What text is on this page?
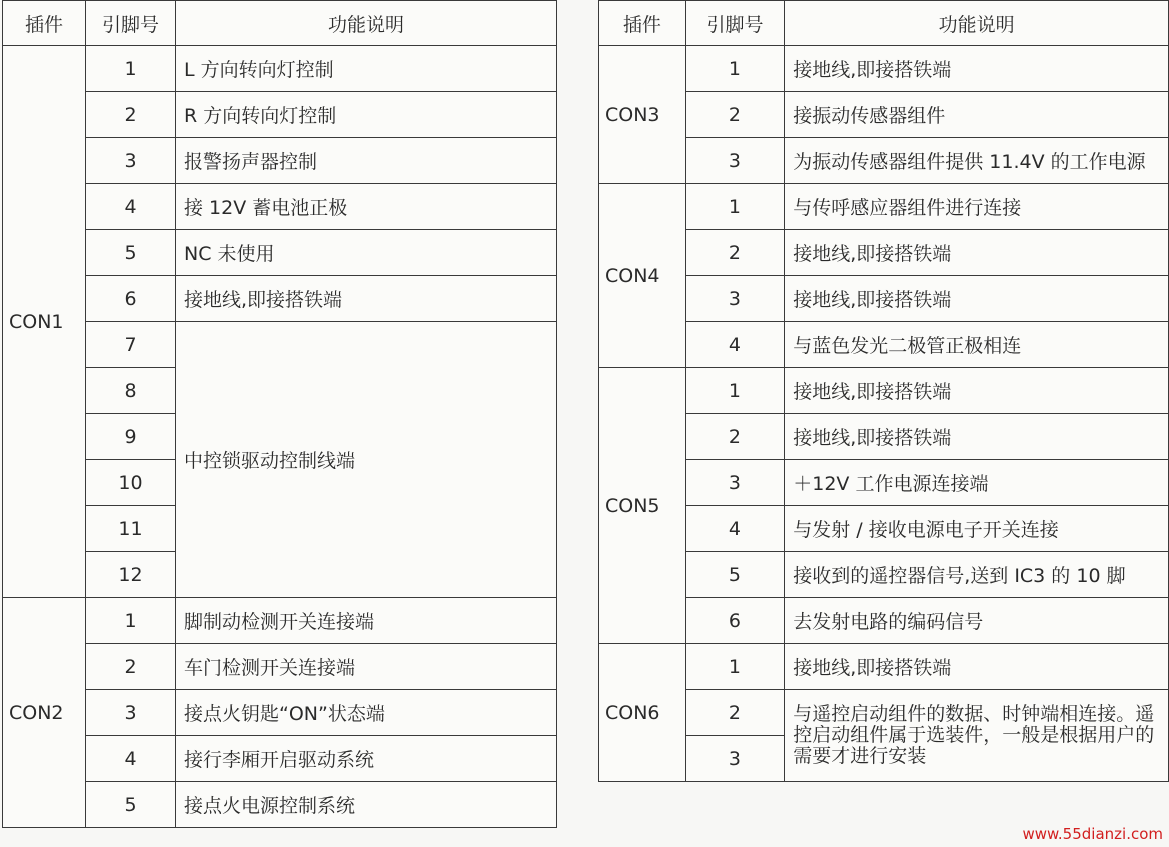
插件	引脚号	功能说明
CON1	1	L 方向转向灯控制
	2	R 方向转向灯控制
	3	报警扬声器控制
	4	接 12V 蓄电池正极
	5	NC 未使用
	6	接地线,即接搭铁端
	7	中控锁驱动控制线端
	8	
	9	
	10	
	11	
	12	
CON2	1	脚制动检测开关连接端
	2	车门检测开关连接端
	3	接点火钥匙“ON”状态端
	4	接行李厢开启驱动系统
	5	接点火电源控制系统
插件	引脚号	功能说明
CON3	1	接地线,即接搭铁端
	2	接振动传感器组件
	3	为振动传感器组件提供 11.4V 的工作电源
CON4	1	与传呼感应器组件进行连接
	2	接地线,即接搭铁端
	3	接地线,即接搭铁端
	4	与蓝色发光二极管正极相连
CON5	1	接地线,即接搭铁端
	2	接地线,即接搭铁端
	3	＋12V 工作电源连接端
	4	与发射 / 接收电源电子开关连接
	5	接收到的遥控器信号,送到 IC3 的 10 脚
	6	去发射电路的编码信号
CON6	1	接地线,即接搭铁端
	2	与遥控启动组件的数据、时钟端相连接。遥控启动组件属于选装件，一般是根据用户的需要才进行安装
	3	
www.55dianzi.com
